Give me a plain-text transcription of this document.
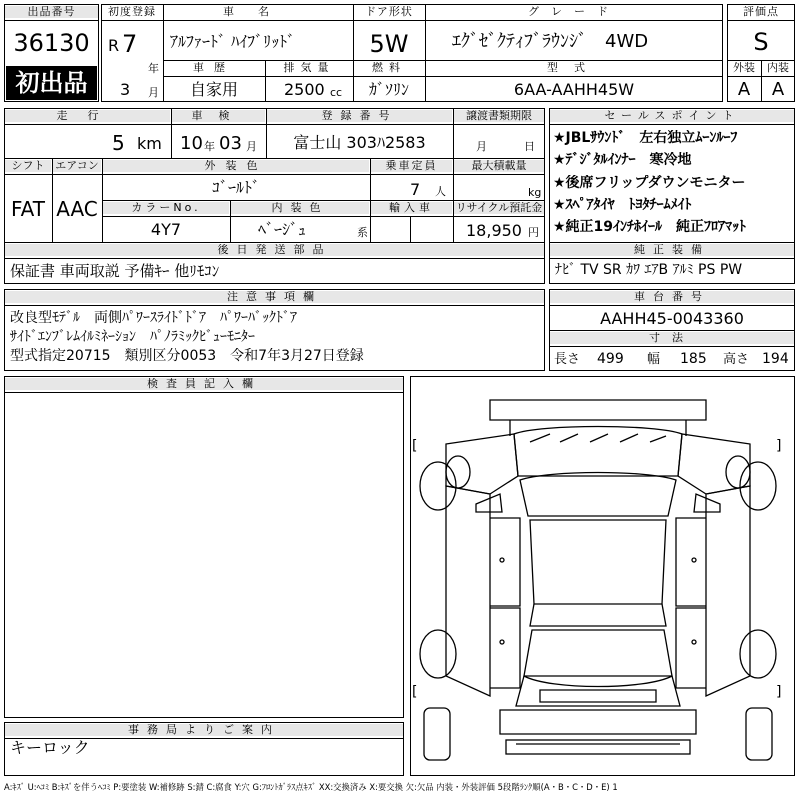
出品番号
36130
初出品
初度登録
R 7
年
3 月
車名
ｱﾙﾌｧｰﾄﾞ ﾊｲﾌﾞﾘｯﾄﾞ
ドア形状
5W
グレード
ｴｸﾞｾﾞｸﾃｨﾌﾞﾗｳﾝｼﾞ　4WD
車歴
自家用
排気量
2500 cc
燃料
ｶﾞｿﾘﾝ
型式
6AA-AAHH45W
評価点
S
外装	内装
A	A
走行
5 km
車検
10 年 03 月
登録番号
富士山 303ﾊ2583
譲渡書類期限
月	日
シフト
FAT
エアコン
AAC
外装色
ｺﾞｰﾙﾄﾞ
乗車定員
7 人
最大積載量
kg
カラーNo.
4Y7
内装色
ﾍﾞｰｼﾞｭ	系
輸入車	リサイクル預託金
18,950 円
後日発送部品
保証書 車両取説 予備ｷｰ 他ﾘﾓｺﾝ
セールスポイント
★JBLｻｳﾝﾄﾞ　左右独立ﾑｰﾝﾙｰﾌ
★ﾃﾞｼﾞﾀﾙｲﾝﾅｰ　寒冷地
★後席フリップダウンモニター
★ｽﾍﾟｱﾀｲﾔ　ﾄﾖﾀﾁｰﾑﾒｲﾄ
★純正19ｲﾝﾁﾎｲｰﾙ　純正ﾌﾛｱﾏｯﾄ
純正装備
ﾅﾋﾞ TV SR ｶﾜ ｴｱB ｱﾙﾐ PS PW
注意事項欄
改良型ﾓﾃﾞﾙ　両側ﾊﾟﾜｰｽﾗｲﾄﾞﾄﾞｱ　ﾊﾟﾜｰﾊﾞｯｸﾄﾞｱ
ｻｲﾄﾞｴﾝﾌﾞﾚﾑｲﾙﾐﾈｰｼｮﾝ　ﾊﾟﾉﾗﾐｯｸﾋﾞｭｰﾓﾆﾀｰ
型式指定20715　類別区分0053　令和7年3月27日登録
車台番号
AAHH45-0043360
寸法
長さ 499 幅 185 高さ 194
検査員記入欄
事務局よりご案内
キーロック
[	]
[	]
A:ｷｽﾞ U:ﾍｺﾐ B:ｷｽﾞを伴うﾍｺﾐ P:要塗装 W:補修跡 S:錆 C:腐食 Y:穴 G:ﾌﾛﾝﾄｶﾞﾗｽ点ｷｽﾞ XX:交換済み X:要交換 欠:欠品 内装・外装評価 5段階ﾗﾝｸ順(A・B・C・D・E) 1
